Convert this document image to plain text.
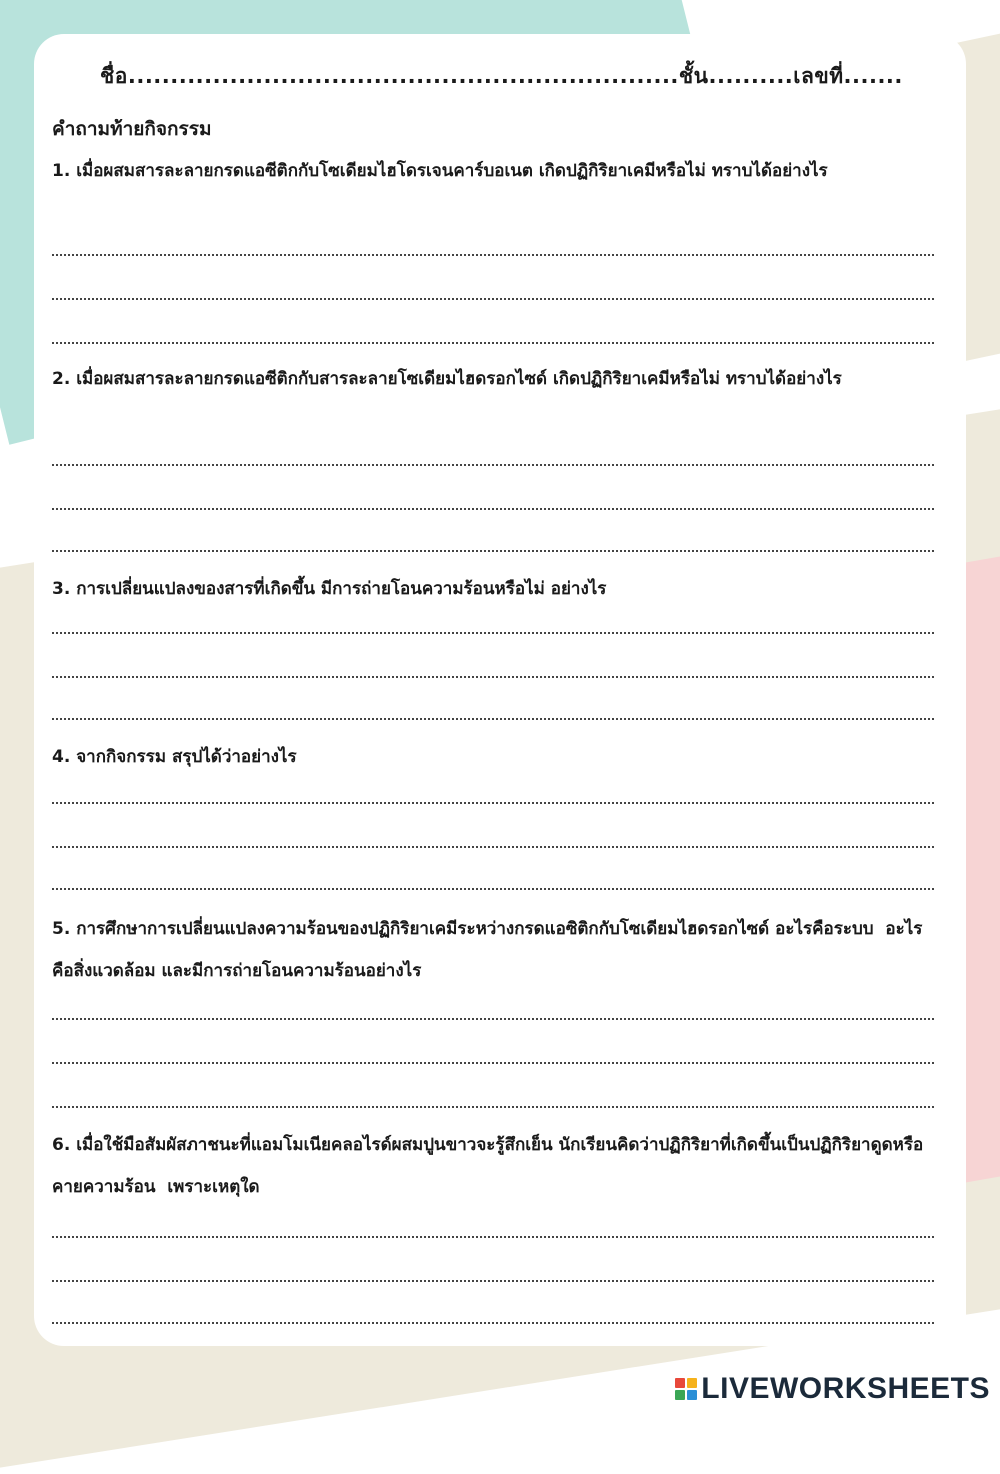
ชื่อ.................................................................ชั้น..........เลขที่.......
คำถามท้ายกิจกรรม
1. เมื่อผสมสารละลายกรดแอซีติกกับโซเดียมไฮโดรเจนคาร์บอเนต เกิดปฏิกิริยาเคมีหรือไม่ ทราบได้อย่างไร
2. เมื่อผสมสารละลายกรดแอซีติกกับสารละลายโซเดียมไฮดรอกไซด์ เกิดปฏิกิริยาเคมีหรือไม่ ทราบได้อย่างไร
3. การเปลี่ยนแปลงของสารที่เกิดขึ้น มีการถ่ายโอนความร้อนหรือไม่ อย่างไร
4. จากกิจกรรม สรุปได้ว่าอย่างไร
5. การศึกษาการเปลี่ยนแปลงความร้อนของปฏิกิริยาเคมีระหว่างกรดแอซิติกกับโซเดียมไฮดรอกไซด์ อะไรคือระบบ  อะไรคือสิ่งแวดล้อม และมีการถ่ายโอนความร้อนอย่างไร
6. เมื่อใช้มือสัมผัสภาชนะที่แอมโมเนียคลอไรด์ผสมปูนขาวจะรู้สึกเย็น นักเรียนคิดว่าปฏิกิริยาที่เกิดขึ้นเป็นปฏิกิริยาดูดหรือคายความร้อน  เพราะเหตุใด
LIVEWORKSHEETS
